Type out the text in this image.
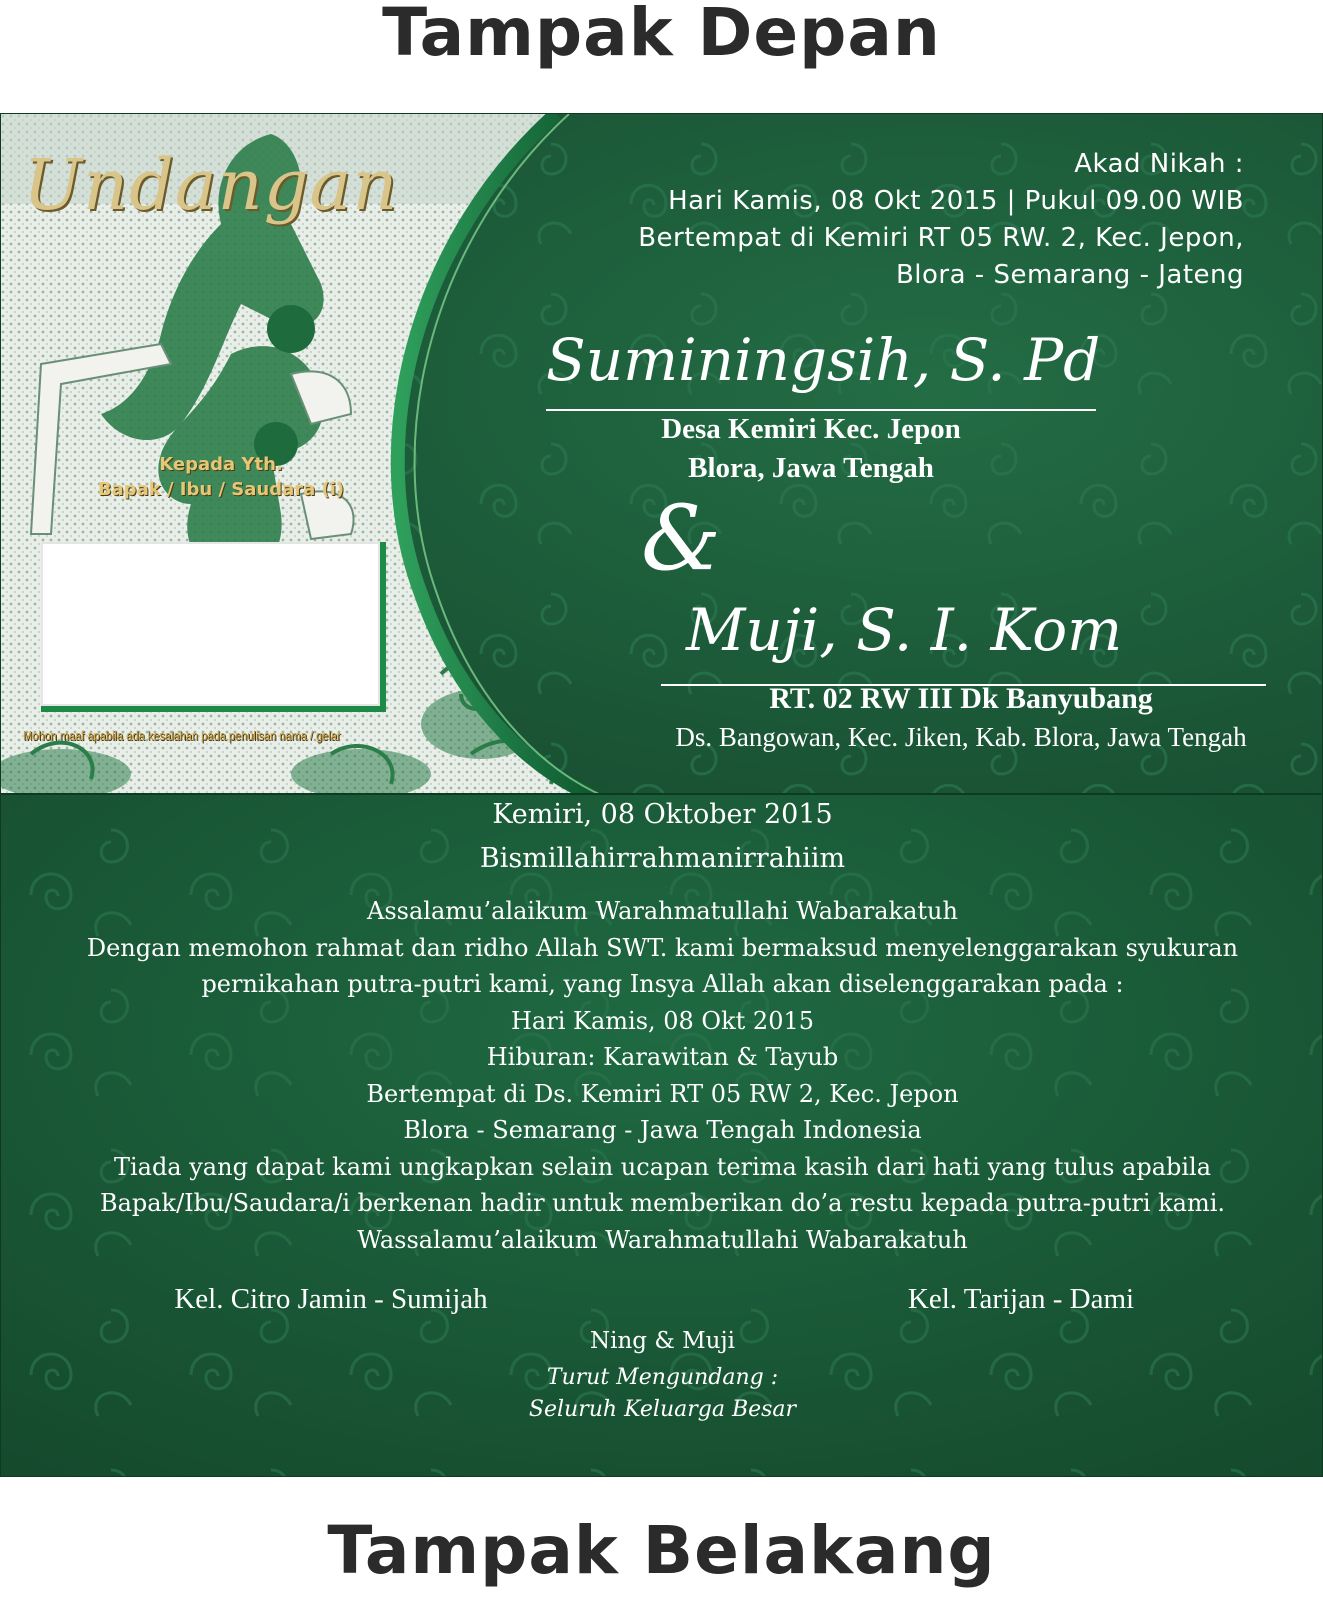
Tampak Depan
Undangan
Kepada Yth.
Bapak / Ibu / Saudara (i)
Mohon maaf apabila ada kesalahan pada penulisan nama / gelar
Akad Nikah :
Hari Kamis, 08 Okt 2015 | Pukul 09.00 WIB
Bertempat di Kemiri RT 05 RW. 2, Kec. Jepon,
Blora - Semarang - Jateng
Suminingsih, S. Pd
Desa Kemiri Kec. Jepon
Blora, Jawa Tengah
&
Muji, S. I. Kom
RT. 02 RW III Dk Banyubang
Ds. Bangowan, Kec. Jiken, Kab. Blora, Jawa Tengah
Kemiri, 08 Oktober 2015
Bismillahirrahmanirrahiim
Assalamu’alaikum Warahmatullahi Wabarakatuh
Dengan memohon rahmat dan ridho Allah SWT. kami bermaksud menyelenggarakan syukuran
pernikahan putra-putri kami, yang Insya Allah akan diselenggarakan pada :
Hari Kamis, 08 Okt 2015
Hiburan: Karawitan & Tayub
Bertempat di Ds. Kemiri RT 05 RW 2, Kec. Jepon
Blora - Semarang - Jawa Tengah Indonesia
Tiada yang dapat kami ungkapkan selain ucapan terima kasih dari hati yang tulus apabila
Bapak/Ibu/Saudara/i berkenan hadir untuk memberikan do’a restu kepada putra-putri kami.
Wassalamu’alaikum Warahmatullahi Wabarakatuh
Kel. Citro Jamin - Sumijah	Kel. Tarijan - Dami
Ning & Muji
Turut Mengundang :
Seluruh Keluarga Besar
Tampak Belakang
